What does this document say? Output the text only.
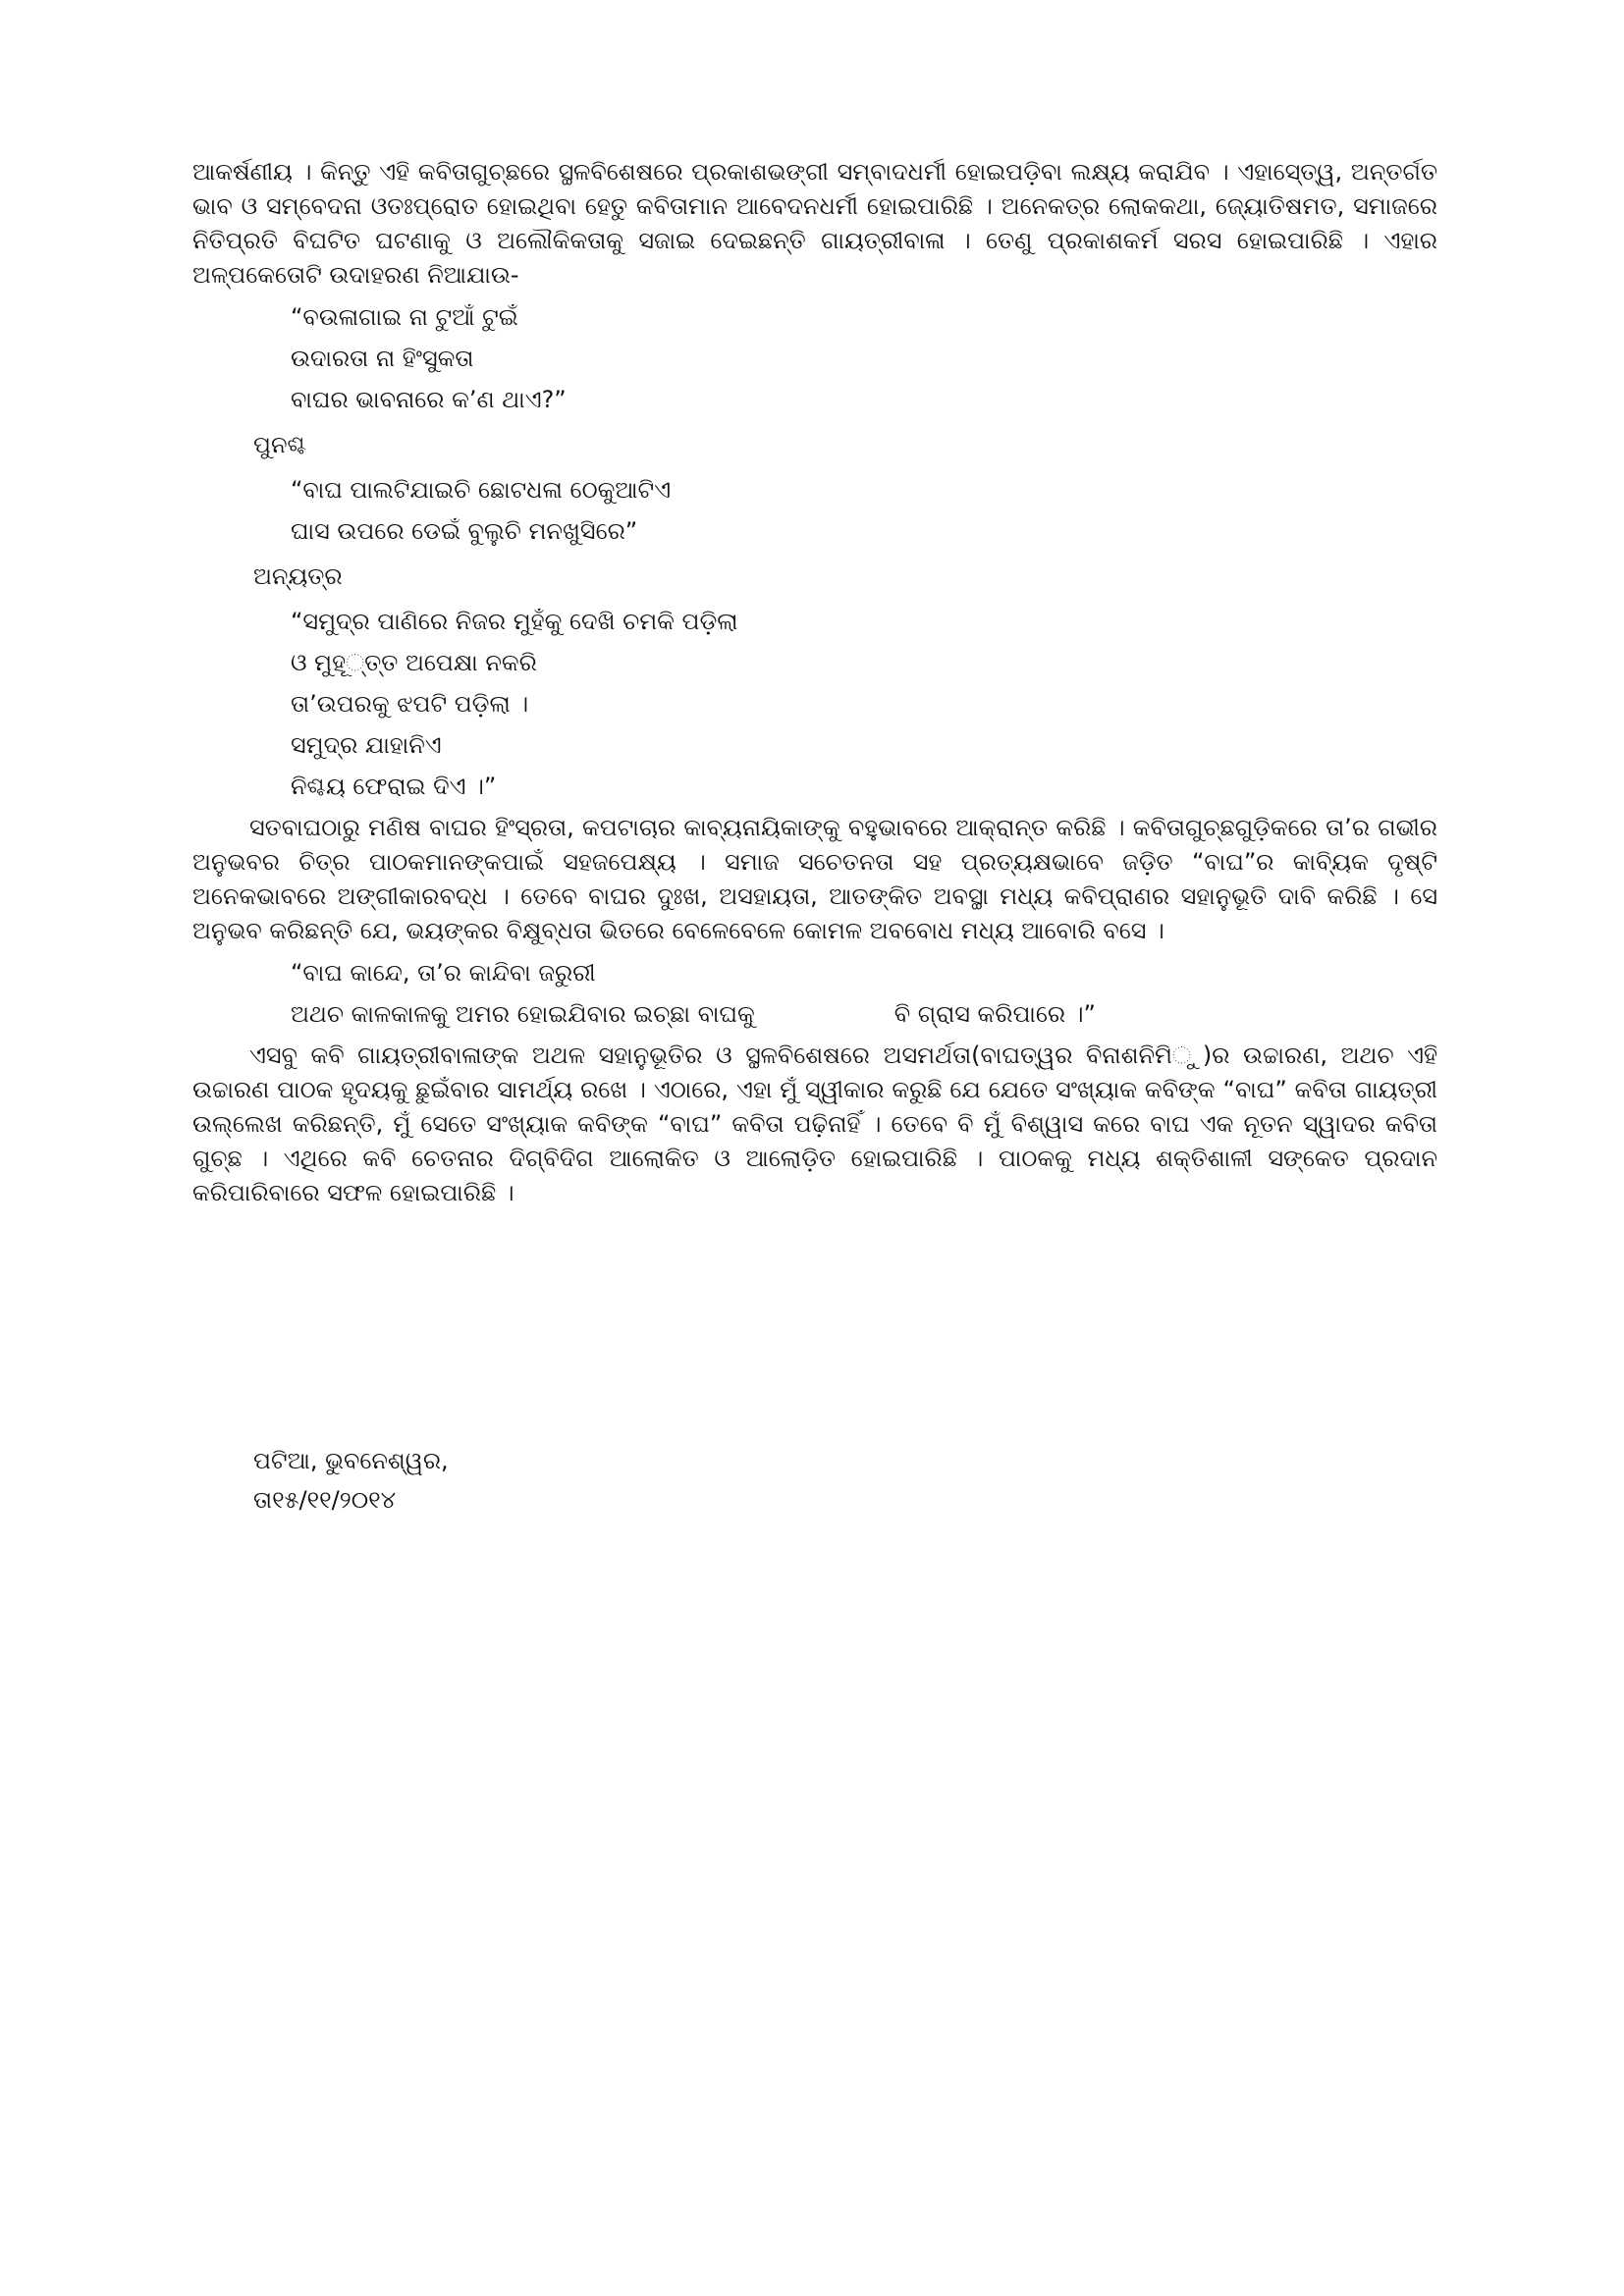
ଆକର୍ଷଣୀୟ । କିନ୍ତୁ ଏହି କବିତାଗୁଚ୍ଛରେ ସ୍ଥଳବିଶେଷରେ ପ୍ରକାଶଭଙ୍ଗୀ ସମ୍ବାଦଧର୍ମୀ ହୋଇପଡ଼ିବା ଲକ୍ଷ୍ୟ କରାଯିବ । ଏହାସ‌େ୍ତ୍ୱ, ଅନ୍ତର୍ଗତ ଭାବ ଓ ସମ୍ବେଦନା ଓତଃପ୍ରୋତ ହୋଇଥିବା ହେତୁ କବିତାମାନ ଆବେଦନଧର୍ମୀ ହୋଇପାରିଛି । ଅନେକତ୍ର ଲୋକକଥା, ଜ୍ୟୋତିଷମତ, ସମାଜରେ ନିତିପ୍ରତି ବିଘଟିତ ଘଟଣାକୁ ଓ ଅଲୌକିକତାକୁ ସଜାଇ ଦେଇଛନ୍ତି ଗାୟତ୍ରୀବାଳା । ତେଣୁ ପ୍ରକାଶକର୍ମ ସରସ ହୋଇପାରିଛି । ଏହାର ଅଳ୍ପକେତୋଟି ଉଦାହରଣ ନିଆଯାଉ-

“ବଉଳାଗାଇ ନା ଟୁଆଁ ଟୁଇଁ
ଉଦାରତା ନା ହିଂସୁକତା
ବାଘର ଭାବନାରେ କ’ଣ ଥାଏ?”
ପୁନଶ୍ଚ
“ବାଘ ପାଲଟିଯାଇଚି ଛୋଟଧଳା ଠେକୁଆଟିଏ
ଘାସ ଉପରେ ଡେଇଁ ବୁଲୁଚି ମନଖୁସିରେ”
ଅନ୍ୟତ୍ର
“ସମୁଦ୍ର ପାଣିରେ ନିଜର ମୁହଁକୁ ଦେଖି ଚମକି ପଡ଼ିଲା
ଓ ମୁହୂ◌୍ତ୍ତ ଅପେକ୍ଷା ନକରି
ତା’ଉପରକୁ ଝପଟି ପଡ଼ିଲା ।
ସମୁଦ୍ର ଯାହାନିଏ
ନିଶ୍ଚୟ ଫେରାଇ ଦିଏ ।”

ସତବାଘଠାରୁ ମଣିଷ ବାଘର ହିଂସ୍ରତା, କପଟାଚାର କାବ୍ୟନାୟିକାଙ୍କୁ ବହୁଭାବରେ ଆକ୍ରାନ୍ତ କରିଛି । କବିତାଗୁଚ୍ଛଗୁଡ଼ିକରେ ତା’ର ଗଭୀର ଅନୁଭବର ଚିତ୍ର ପାଠକମାନଙ୍କପାଇଁ ସହଜପେକ୍ଷ୍ୟ । ସମାଜ ସଚେତନତା ସହ ପ୍ରତ୍ୟକ୍ଷଭାବେ ଜଡ଼ିତ “ବାଘ”ର କାବ୍ୟିକ ଦୃଷ୍ଟି ଅନେକଭାବରେ ଅଙ୍ଗୀକାରବଦ୍ଧ । ତେବେ ବାଘର ଦୁଃଖ, ଅସହାୟତା, ଆତଙ୍କିତ ଅବସ୍ଥା ମଧ୍ୟ କବିପ୍ରାଣର ସହାନୁଭୂତି ଦାବି କରିଛି । ସେ ଅନୁଭବ କରିଛନ୍ତି ଯେ, ଭୟଙ୍କର ବିକ୍ଷୁବ୍ଧତା ଭିତରେ ବେଳେବେଳେ କୋମଳ ଅବବୋଧ ମଧ୍ୟ ଆବୋରି ବସେ ।

“ବାଘ କାନ୍ଦେ, ତା’ର କାନ୍ଦିବା ଜରୁରୀ
ଅଥଚ କାଳକାଳକୁ ଅମର ହୋଇଯିବାର ଇଚ୍ଛା ବାଘକୁ	ବି ଗ୍ରାସ କରିପାରେ ।”

ଏସବୁ କବି ଗାୟତ୍ରୀବାଳାଙ୍କ ଅଥଳ ସହାନୁଭୂତିର ଓ ସ୍ଥଳବିଶେଷରେ ଅସମର୍ଥତା(ବାଘତ୍ୱର ବିନାଶନିମି◌ୁ)ର ଉଚ୍ଚାରଣ, ଅଥଚ ଏହି ଉଚ୍ଚାରଣ ପାଠକ ହୃଦୟକୁ ଛୁଇଁବାର ସାମର୍ଥ୍ୟ ରଖେ । ଏଠାରେ, ଏହା ମୁଁ ସ୍ୱୀକାର କରୁଛି ଯେ ଯେତେ ସଂଖ୍ୟାକ କବିଙ୍କ “ବାଘ” କବିତା ଗାୟତ୍ରୀ ଉଲ୍ଲେଖ କରିଛନ୍ତି, ମୁଁ ସେତେ ସଂଖ୍ୟାକ କବିଙ୍କ “ବାଘ” କବିତା ପଢ଼ିନାହିଁ । ତେବେ ବି ମୁଁ ବିଶ୍ୱାସ କରେ ବାଘ ଏକ ନୂତନ ସ୍ୱାଦର କବିତା ଗୁଚ୍ଛ । ଏଥିରେ କବି ଚେତନାର ଦିଗ୍‌ବିଦିଗ ଆଲୋକିତ ଓ ଆଲୋଡ଼ିତ ହୋଇପାରିଛି । ପାଠକକୁ ମଧ୍ୟ ଶକ୍ତିଶାଳୀ ସଙ୍କେତ ପ୍ରଦାନ କରିପାରିବାରେ ସଫଳ ହୋଇପାରିଛି ।

ପଟିଆ, ଭୁବନେଶ୍ୱର,
ତା୧୫/୧୧/୨୦୧୪
